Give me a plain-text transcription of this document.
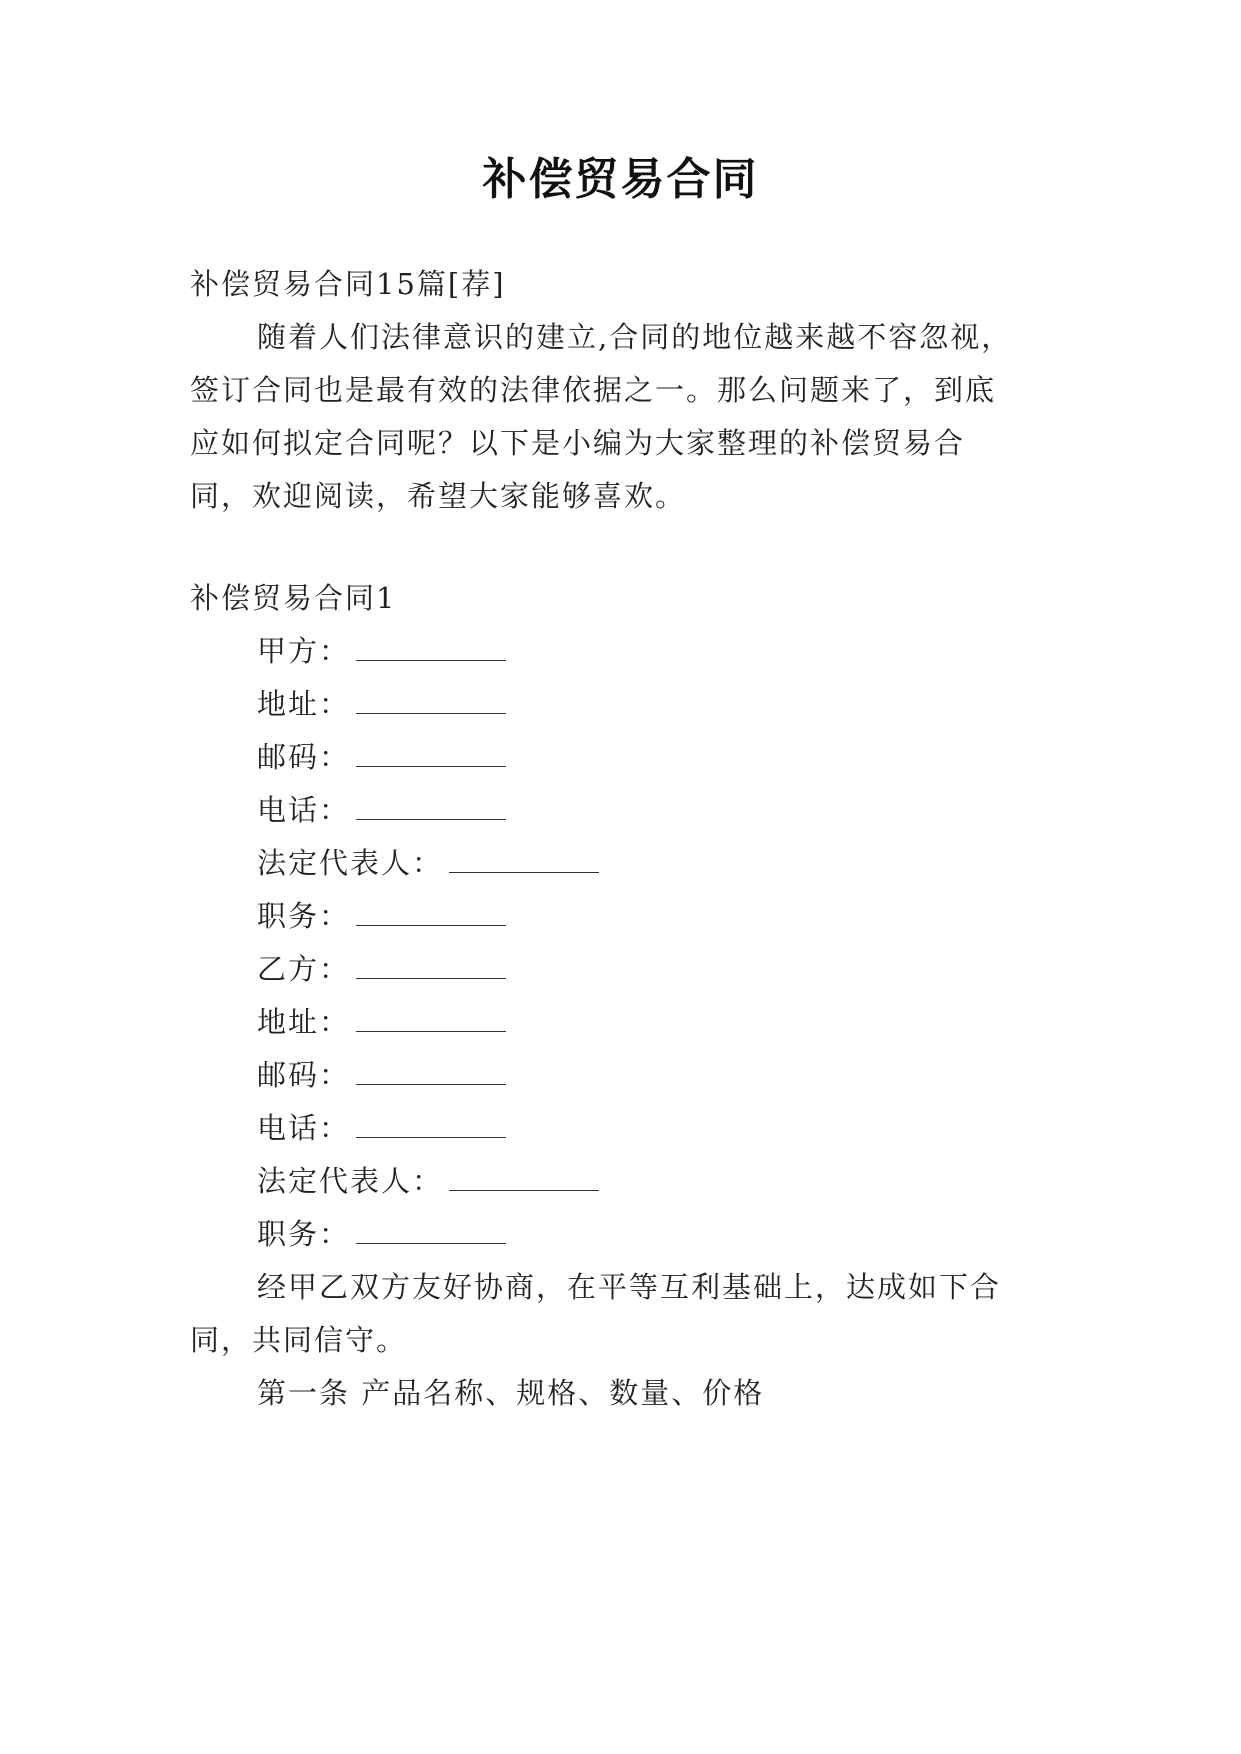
补偿贸易合同
补偿贸易合同15篇[荐]
随着人们法律意识的建立,合同的地位越来越不容忽视，
签订合同也是最有效的法律依据之一。那么问题来了，到底
应如何拟定合同呢？以下是小编为大家整理的补偿贸易合
同，欢迎阅读，希望大家能够喜欢。
补偿贸易合同1
甲方：
地址：
邮码：
电话：
法定代表人：
职务：
乙方：
地址：
邮码：
电话：
法定代表人：
职务：
经甲乙双方友好协商，在平等互利基础上，达成如下合
同，共同信守。
第一条 产品名称、规格、数量、价格
